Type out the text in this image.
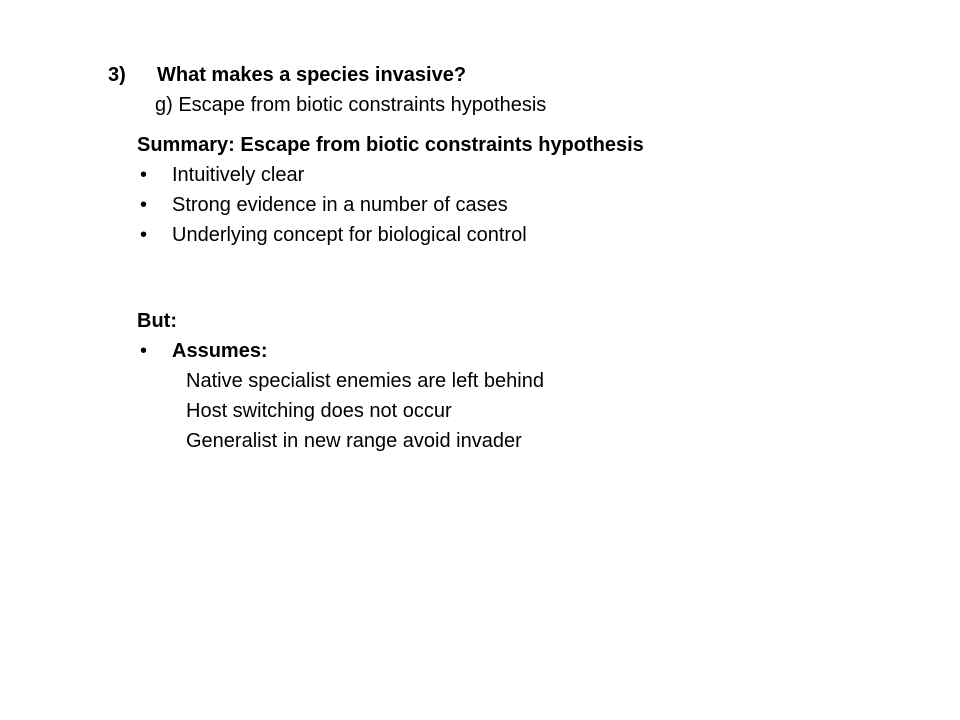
3) What makes a species invasive?
g) Escape from biotic constraints hypothesis
Summary: Escape from biotic constraints hypothesis
• Intuitively clear
• Strong evidence in a number of cases
• Underlying concept for biological control
But:
• Assumes:
Native specialist enemies are left behind
Host switching does not occur
Generalist in new range avoid invader
